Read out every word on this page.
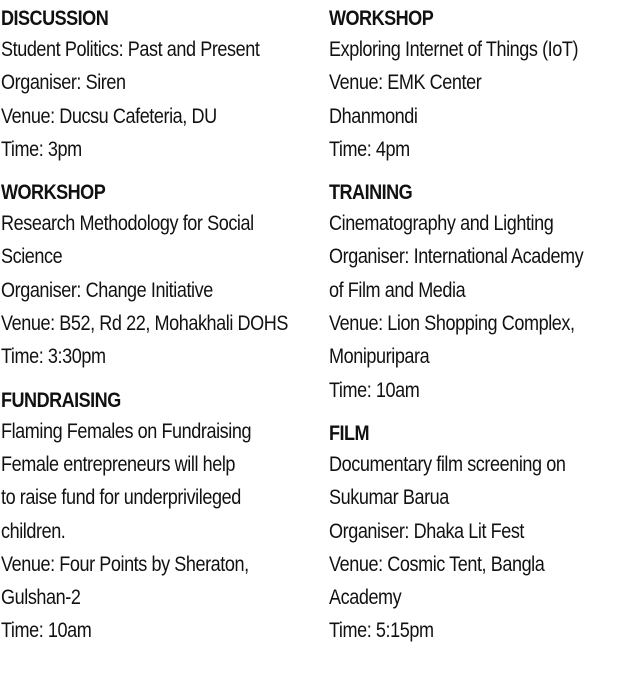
DISCUSSION
Student Politics: Past and Present
Organiser: Siren
Venue: Ducsu Cafeteria, DU
Time: 3pm
WORKSHOP
Research Methodology for Social
Science
Organiser: Change Initiative
Venue: B52, Rd 22, Mohakhali DOHS
Time: 3:30pm
FUNDRAISING
Flaming Females on Fundraising
Female entrepreneurs will help
to raise fund for underprivileged
children.
Venue: Four Points by Sheraton,
Gulshan-2
Time: 10am
WORKSHOP
Exploring Internet of Things (IoT)
Venue: EMK Center
Dhanmondi
Time: 4pm
TRAINING
Cinematography and Lighting
Organiser: International Academy
of Film and Media
Venue: Lion Shopping Complex,
Monipuripara
Time: 10am
FILM
Documentary film screening on
Sukumar Barua
Organiser: Dhaka Lit Fest
Venue: Cosmic Tent, Bangla
Academy
Time: 5:15pm
